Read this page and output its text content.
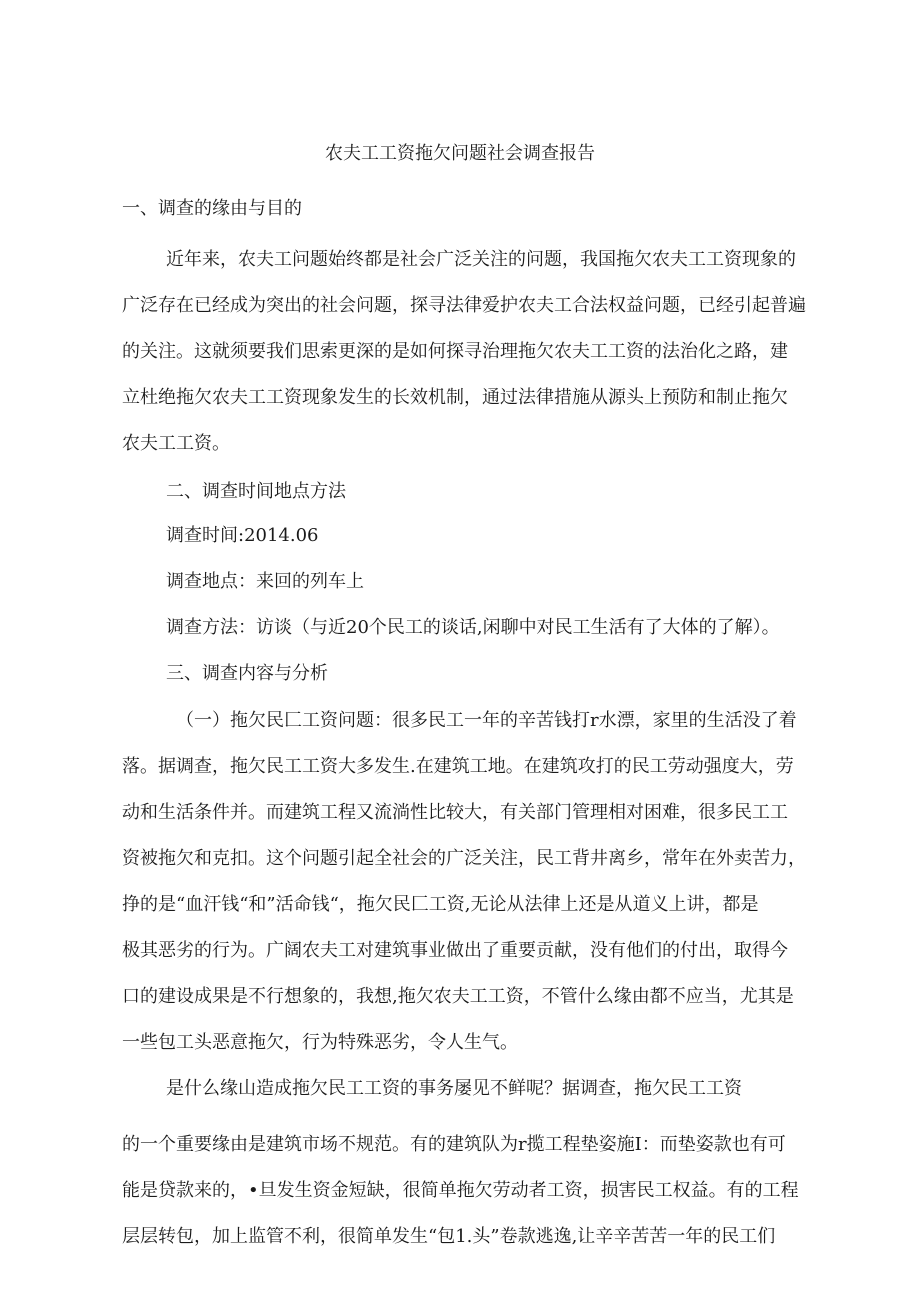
农夫工工资拖欠问题社会调查报告
一、调查的缘由与目的
近年来，农夫工问题始终都是社会广泛关注的问题，我国拖欠农夫工工资现象的
广泛存在已经成为突出的社会问题，探寻法律爱护农夫工合法权益问题，已经引起普遍
的关注。这就须要我们思索更深的是如何探寻治理拖欠农夫工工资的法治化之路，建
立杜绝拖欠农夫工工资现象发生的长效机制，通过法律措施从源头上预防和制止拖欠
农夫工工资。
二、调查时间地点方法
调查时间:2014.06
调查地点：来回的列车上
调查方法：访谈（与近20个民工的谈话,闲聊中对民工生活有了大体的了解）。
三、调查内容与分析
（一）拖欠民匚工资问题：很多民工一年的辛苦钱打r水漂，家里的生活没了着
落。据调查，拖欠民工工资大多发生.在建筑工地。在建筑攻打的民工劳动强度大，劳
动和生活条件并。而建筑工程又流淌性比较大，有关部门管理相对困难，很多民工工
资被拖欠和克扣。这个问题引起全社会的广泛关注，民工背井离乡，常年在外卖苦力，
挣的是“血汗钱“和”活命钱“，拖欠民匚工资,无论从法律上还是从道义上讲，都是
极其恶劣的行为。广阔农夫工对建筑事业做出了重要贡献，没有他们的付出，取得今
口的建设成果是不行想象的，我想,拖欠农夫工工资，不管什么缘由都不应当，尤其是
一些包工头恶意拖欠，行为特殊恶劣，令人生气。
是什么缘山造成拖欠民工工资的事务屡见不鲜呢？据调查，拖欠民工工资
的一个重要缘由是建筑市场不规范。有的建筑队为r揽工程垫姿施I：而垫姿款也有可
能是贷款来的，•旦发生资金短缺，很简单拖欠劳动者工资，损害民工权益。有的工程
层层转包，加上监管不利，很简单发生“包1.头”卷款逃逸,让辛辛苦苦一年的民工们
